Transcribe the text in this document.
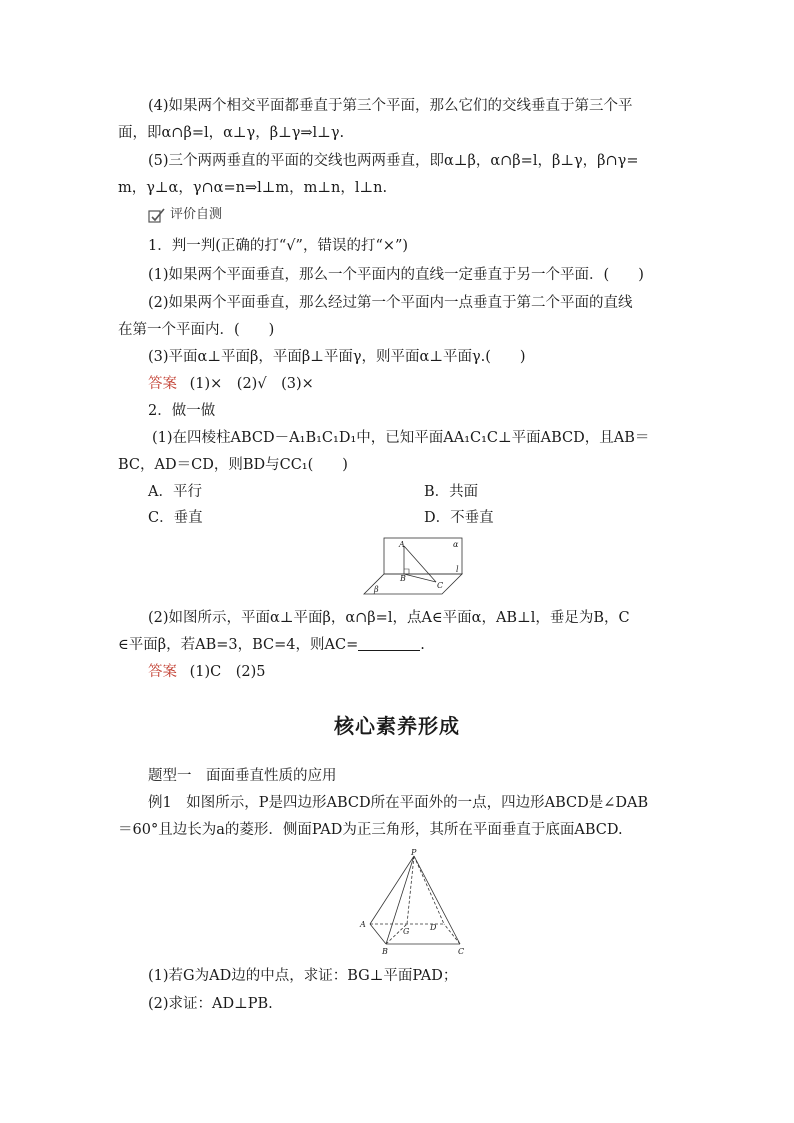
(4)如果两个相交平面都垂直于第三个平面，那么它们的交线垂直于第三个平
面，即α∩β=l，α⊥γ，β⊥γ⇒l⊥γ.
(5)三个两两垂直的平面的交线也两两垂直，即α⊥β，α∩β=l，β⊥γ，β∩γ=
m，γ⊥α，γ∩α=n⇒l⊥m，m⊥n，l⊥n.
评价自测
1．判一判(正确的打“√”，错误的打“×”)
(1)如果两个平面垂直，那么一个平面内的直线一定垂直于另一个平面．(　　)
(2)如果两个平面垂直，那么经过第一个平面内一点垂直于第二个平面的直线
在第一个平面内．(　　)
(3)平面α⊥平面β，平面β⊥平面γ，则平面α⊥平面γ.(　　)
答案 (1)×　(2)√　(3)×
2．做一做
(1)在四棱柱ABCD－A₁B₁C₁D₁中，已知平面AA₁C₁C⊥平面ABCD，且AB＝
BC，AD＝CD，则BD与CC₁(　　)
A．平行	B．共面
C．垂直	D．不垂直
A
B
C
α
β
l
(2)如图所示，平面α⊥平面β，α∩β=l，点A∈平面α，AB⊥l，垂足为B，C
∈平面β，若AB=3，BC=4，则AC=	.
答案 (1)C　(2)5
核心素养形成
题型一　面面垂直性质的应用
例1　如图所示，P是四边形ABCD所在平面外的一点，四边形ABCD是∠DAB
＝60°且边长为a的菱形．侧面PAD为正三角形，其所在平面垂直于底面ABCD.
P
A
B	C
D
G
(1)若G为AD边的中点，求证：BG⊥平面PAD；
(2)求证：AD⊥PB.
